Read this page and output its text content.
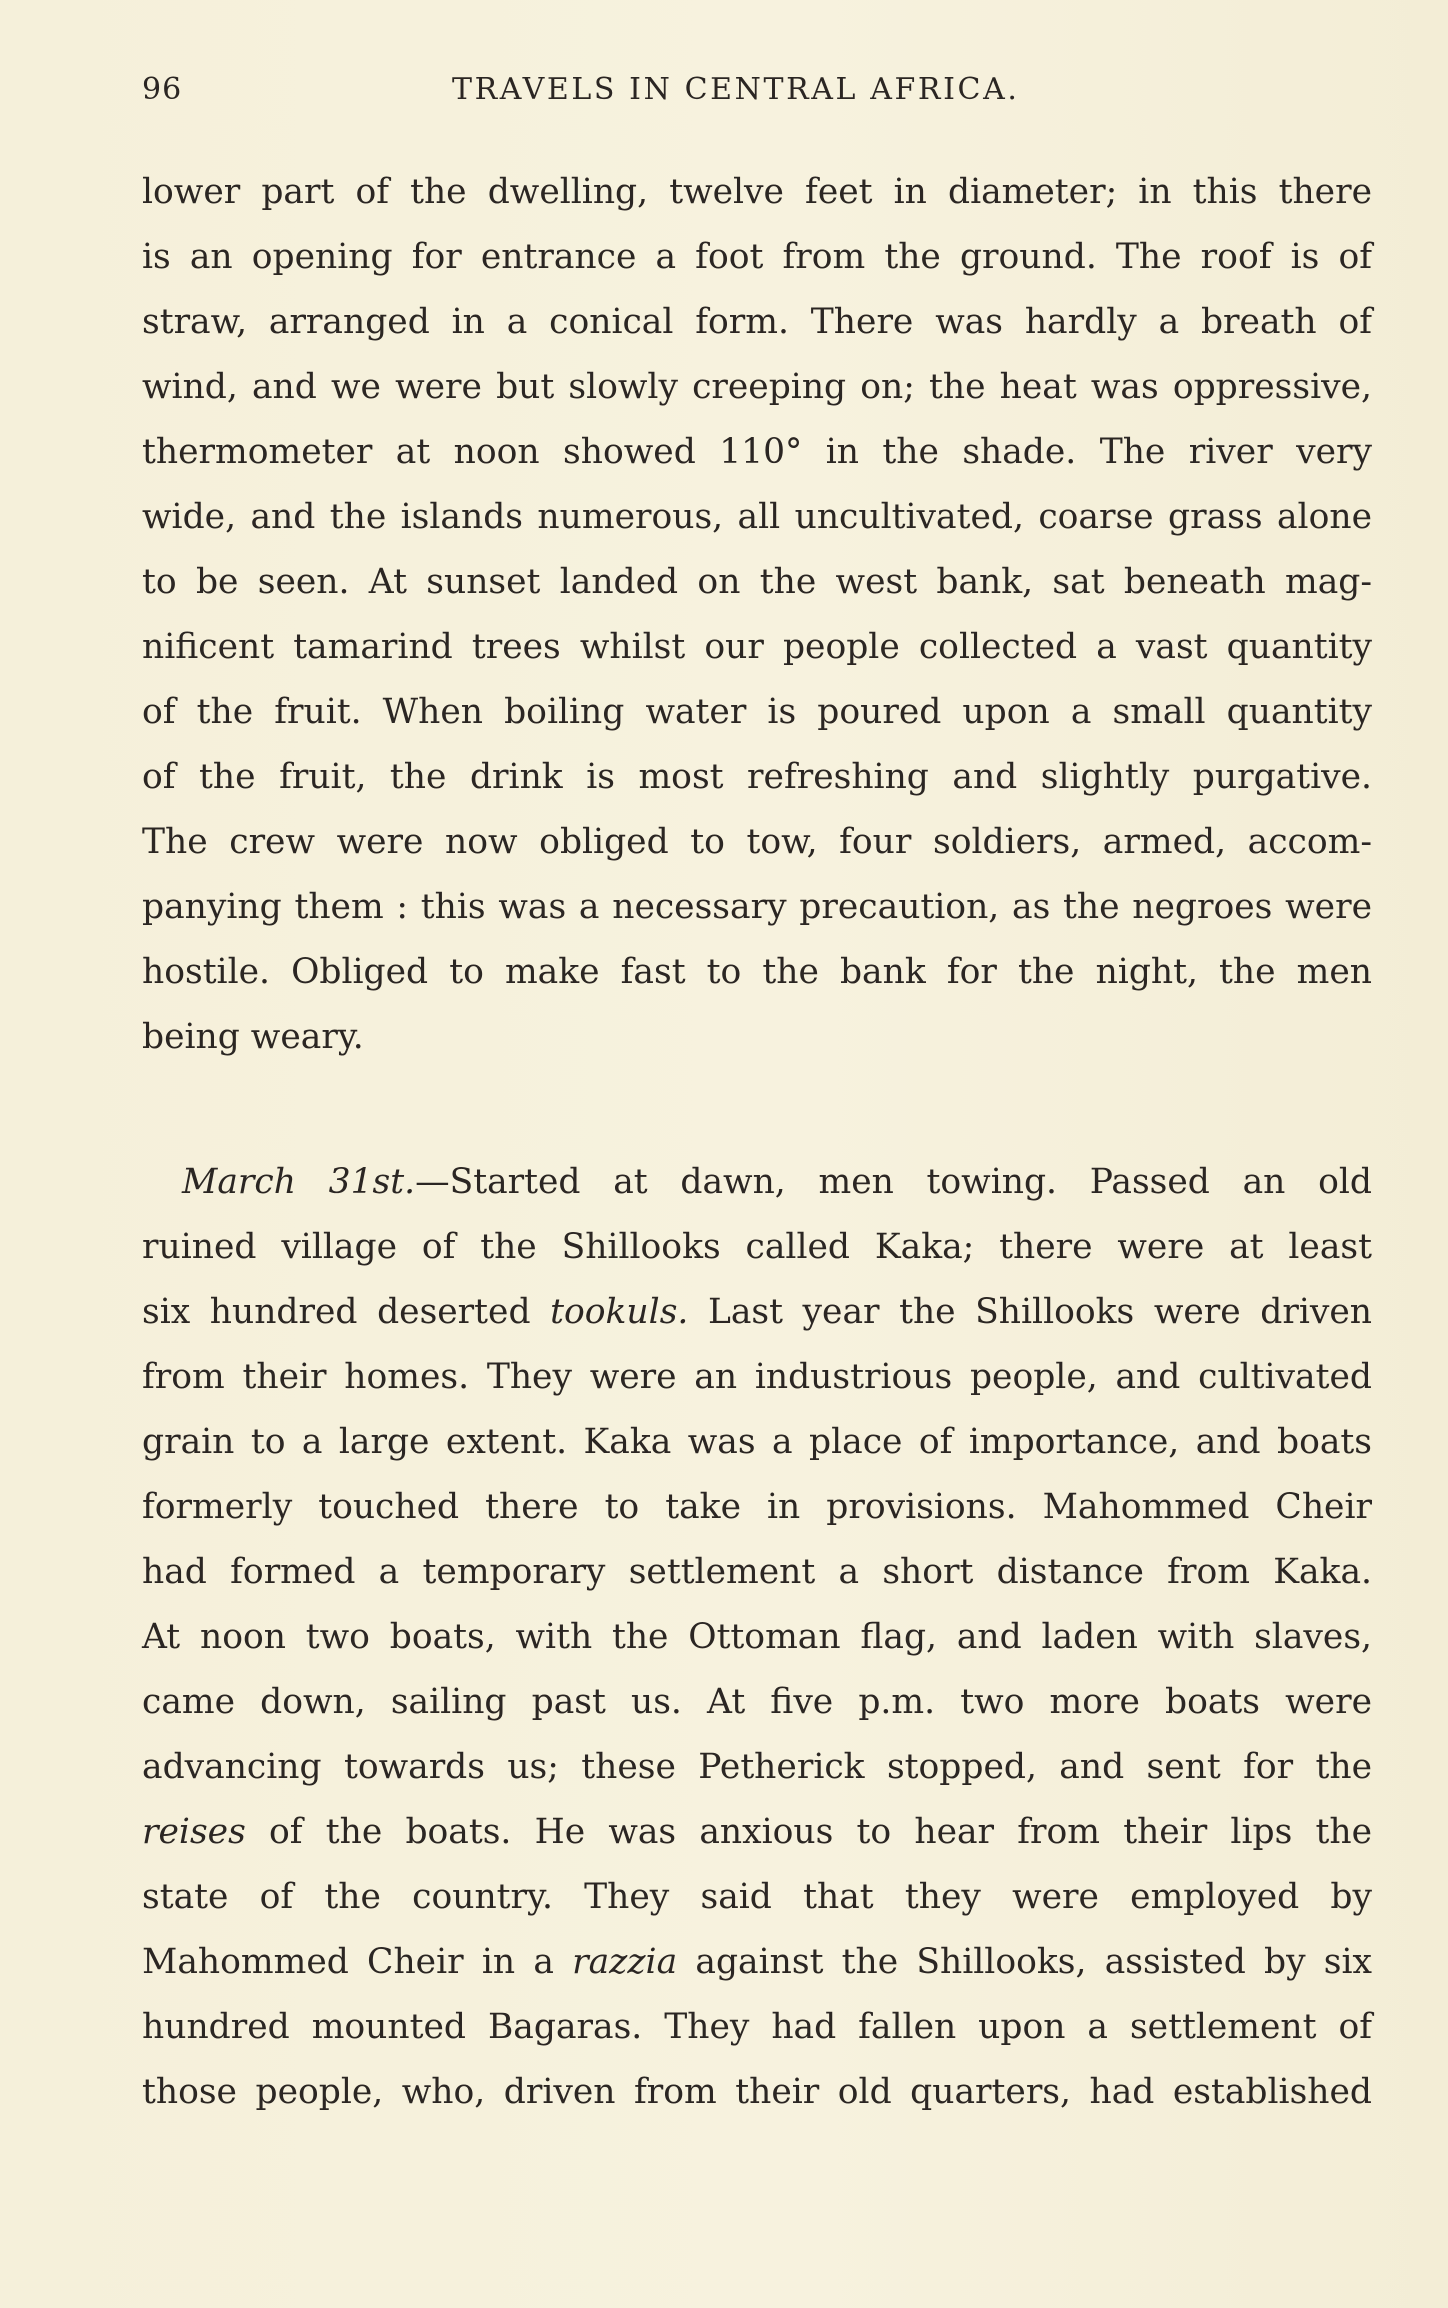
96	TRAVELS IN CENTRAL AFRICA.
lower part of the dwelling, twelve feet in diameter; in this there
is an opening for entrance a foot from the ground. The roof is of
straw, arranged in a conical form. There was hardly a breath of
wind, and we were but slowly creeping on; the heat was oppressive,
thermometer at noon showed 110° in the shade. The river very
wide, and the islands numerous, all uncultivated, coarse grass alone
to be seen. At sunset landed on the west bank, sat beneath mag-
nificent tamarind trees whilst our people collected a vast quantity
of the fruit. When boiling water is poured upon a small quantity
of the fruit, the drink is most refreshing and slightly purgative.
The crew were now obliged to tow, four soldiers, armed, accom-
panying them : this was a necessary precaution, as the negroes were
hostile. Obliged to make fast to the bank for the night, the men
being weary.
March 31st.—Started at dawn, men towing. Passed an old
ruined village of the Shillooks called Kaka; there were at least
six hundred deserted tookuls. Last year the Shillooks were driven
from their homes. They were an industrious people, and cultivated
grain to a large extent. Kaka was a place of importance, and boats
formerly touched there to take in provisions. Mahommed Cheir
had formed a temporary settlement a short distance from Kaka.
At noon two boats, with the Ottoman flag, and laden with slaves,
came down, sailing past us. At five p.m. two more boats were
advancing towards us; these Petherick stopped, and sent for the
reises of the boats. He was anxious to hear from their lips the
state of the country. They said that they were employed by
Mahommed Cheir in a razzia against the Shillooks, assisted by six
hundred mounted Bagaras. They had fallen upon a settlement of
those people, who, driven from their old quarters, had established
